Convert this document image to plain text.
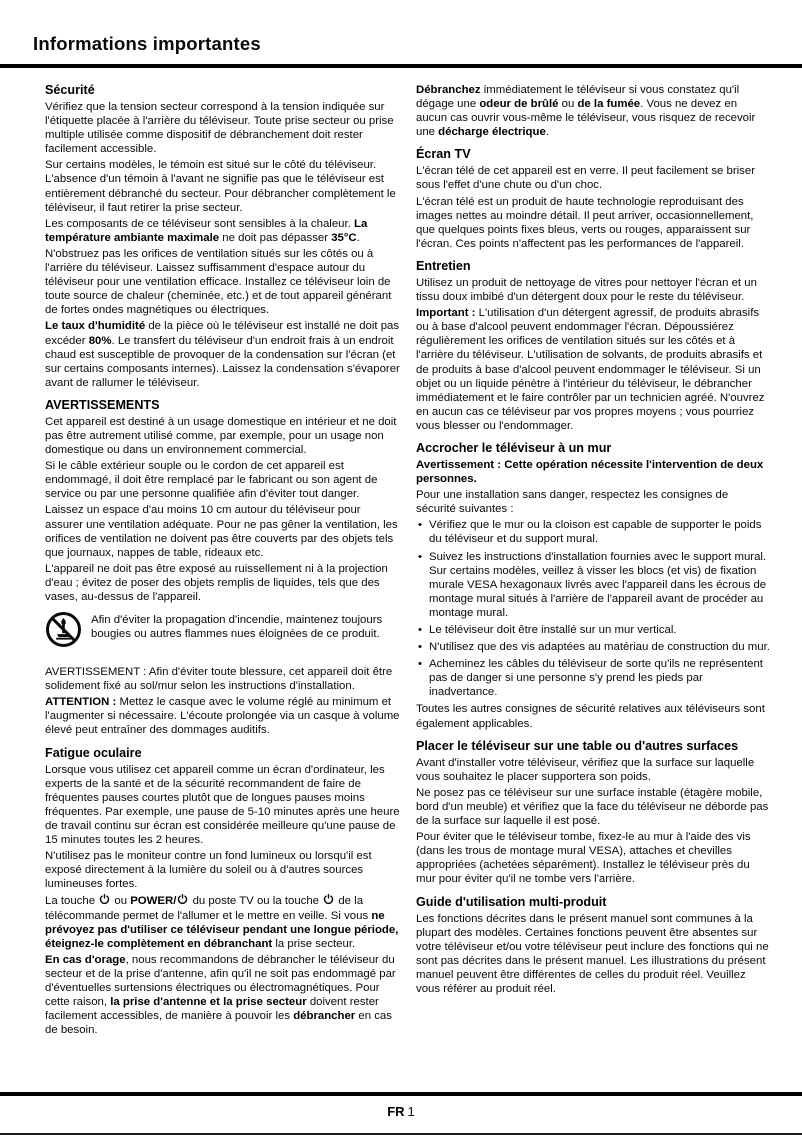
Informations importantes
Sécurité

Vérifiez que la tension secteur correspond à la tension indiquée sur l'étiquette placée à l'arrière du téléviseur. Toute prise secteur ou prise multiple utilisée comme dispositif de débranchement doit rester facilement accessible.

Sur certains modèles, le témoin est situé sur le côté du téléviseur. L'absence d'un témoin à l'avant ne signifie pas que le téléviseur est entièrement débranché du secteur. Pour débrancher complètement le téléviseur, il faut retirer la prise secteur.

Les composants de ce téléviseur sont sensibles à la chaleur. La température ambiante maximale ne doit pas dépasser 35°C.

N'obstruez pas les orifices de ventilation situés sur les côtés ou à l'arrière du téléviseur. Laissez suffisamment d'espace autour du téléviseur pour une ventilation efficace. Installez ce téléviseur loin de toute source de chaleur (cheminée, etc.) et de tout appareil générant de fortes ondes magnétiques ou électriques.

Le taux d'humidité de la pièce où le téléviseur est installé ne doit pas excéder 80%. Le transfert du téléviseur d'un endroit frais à un endroit chaud est susceptible de provoquer de la condensation sur l'écran (et sur certains composants internes). Laissez la condensation s'évaporer avant de rallumer le téléviseur.

AVERTISSEMENTS

Cet appareil est destiné à un usage domestique en intérieur et ne doit pas être autrement utilisé comme, par exemple, pour un usage non domestique ou dans un environnement commercial.

Si le câble extérieur souple ou le cordon de cet appareil est endommagé, il doit être remplacé par le fabricant ou son agent de service ou par une personne qualifiée afin d'éviter tout danger.

Laissez un espace d'au moins 10 cm autour du téléviseur pour assurer une ventilation adéquate. Pour ne pas gêner la ventilation, les orifices de ventilation ne doivent pas être couverts par des objets tels que journaux, nappes de table, rideaux etc.

L'appareil ne doit pas être exposé au ruissellement ni à la projection d'eau ; évitez de poser des objets remplis de liquides, tels que des vases, au-dessus de l'appareil.

Afin d'éviter la propagation d'incendie, maintenez toujours bougies ou autres flammes nues éloignées de ce produit.

AVERTISSEMENT : Afin d'éviter toute blessure, cet appareil doit être solidement fixé au sol/mur selon les instructions d'installation.

ATTENTION : Mettez le casque avec le volume réglé au minimum et l'augmenter si nécessaire. L'écoute prolongée via un casque à volume élevé peut entraîner des dommages auditifs.

Fatigue oculaire

Lorsque vous utilisez cet appareil comme un écran d'ordinateur, les experts de la santé et de la sécurité recommandent de faire de fréquentes pauses courtes plutôt que de longues pauses moins fréquentes. Par exemple, une pause de 5-10 minutes après une heure de travail continu sur écran est considérée meilleure qu'une pause de 15 minutes toutes les 2 heures.

N'utilisez pas le moniteur contre un fond lumineux ou lorsqu'il est exposé directement à la lumière du soleil ou à d'autres sources lumineuses fortes.

La touche
ou POWER/
du poste TV ou la touche
de la télécommande permet de l'allumer et le mettre en veille. Si vous ne prévoyez pas d'utiliser ce téléviseur pendant une longue période, éteignez-le complètement en débranchant la prise secteur.

En cas d'orage, nous recommandons de débrancher le téléviseur du secteur et de la prise d'antenne, afin qu'il ne soit pas endommagé par d'éventuelles surtensions électriques ou électromagnétiques. Pour cette raison, la prise d'antenne et la prise secteur doivent rester facilement accessibles, de manière à pouvoir les débrancher en cas de besoin.

Débranchez immédiatement le téléviseur si vous constatez qu'il dégage une odeur de brûlé ou de la fumée. Vous ne devez en aucun cas ouvrir vous-même le téléviseur, vous risquez de recevoir une décharge électrique.

Écran TV

L'écran télé de cet appareil est en verre. Il peut facilement se briser sous l'effet d'une chute ou d'un choc.

L'écran télé est un produit de haute technologie reproduisant des images nettes au moindre détail. Il peut arriver, occasionnellement, que quelques points fixes bleus, verts ou rouges, apparaissent sur l'écran. Ces points n'affectent pas les performances de l'appareil.

Entretien

Utilisez un produit de nettoyage de vitres pour nettoyer l'écran et un tissu doux imbibé d'un détergent doux pour le reste du téléviseur.

Important : L'utilisation d'un détergent agressif, de produits abrasifs ou à base d'alcool peuvent endommager l'écran. Dépoussiérez régulièrement les orifices de ventilation situés sur les côtés et à l'arrière du téléviseur. L'utilisation de solvants, de produits abrasifs et de produits à base d'alcool peuvent endommager le téléviseur. Si un objet ou un liquide pénètre à l'intérieur du téléviseur, le débrancher immédiatement et le faire contrôler par un technicien agréé. N'ouvrez en aucun cas ce téléviseur par vos propres moyens ; vous pourriez vous blesser ou l'endommager.

Accrocher le téléviseur à un mur

Avertissement : Cette opération nécessite l'intervention de deux personnes.

Pour une installation sans danger, respectez les consignes de sécurité suivantes :

• Vérifiez que le mur ou la cloison est capable de supporter le poids du téléviseur et du support mural.
• Suivez les instructions d'installation fournies avec le support mural. Sur certains modèles, veillez à visser les blocs (et vis) de fixation murale VESA hexagonaux livrés avec l'appareil dans les écrous de montage mural situés à l'arrière de l'appareil avant de procéder au montage mural.
• Le téléviseur doit être installé sur un mur vertical.
• N'utilisez que des vis adaptées au matériau de construction du mur.
• Acheminez les câbles du téléviseur de sorte qu'ils ne représentent pas de danger si une personne s'y prend les pieds par inadvertance.

Toutes les autres consignes de sécurité relatives aux téléviseurs sont également applicables.

Placer le téléviseur sur une table ou d'autres surfaces

Avant d'installer votre téléviseur, vérifiez que la surface sur laquelle vous souhaitez le placer supportera son poids.

Ne posez pas ce téléviseur sur une surface instable (étagère mobile, bord d'un meuble) et vérifiez que la face du téléviseur ne déborde pas de la surface sur laquelle il est posé.

Pour éviter que le téléviseur tombe, fixez-le au mur à l'aide des vis (dans les trous de montage mural VESA), attaches et chevilles appropriées (achetées séparément). Installez le téléviseur près du mur pour éviter qu'il ne tombe vers l'arrière.

Guide d'utilisation multi-produit

Les fonctions décrites dans le présent manuel sont communes à la plupart des modèles. Certaines fonctions peuvent être absentes sur votre téléviseur et/ou votre téléviseur peut inclure des fonctions qui ne sont pas décrites dans le présent manuel. Les illustrations du présent manuel peuvent être différentes de celles du produit réel. Veuillez vous référer au produit réel.

FR 1
